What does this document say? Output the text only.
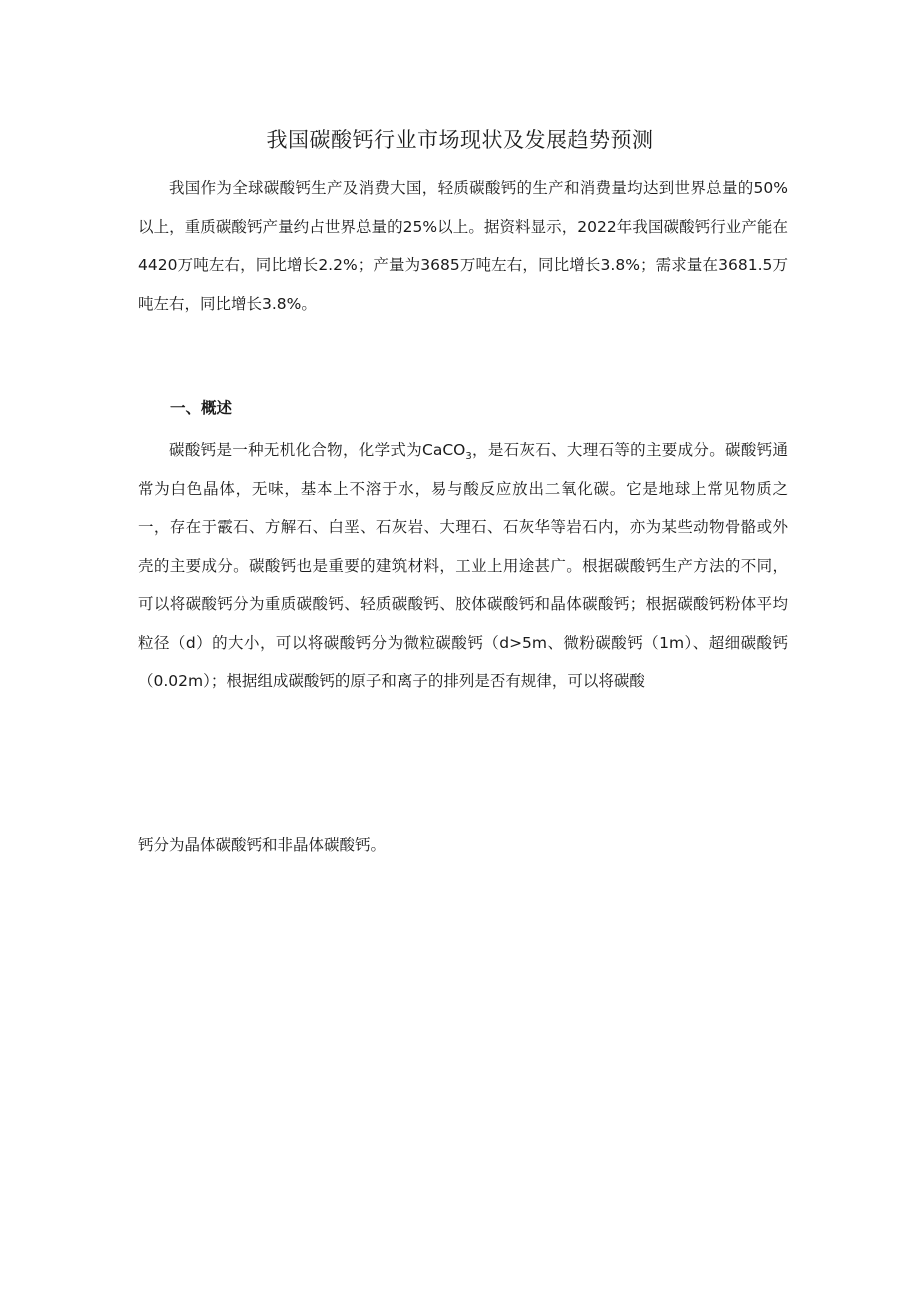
我国碳酸钙行业市场现状及发展趋势预测

我国作为全球碳酸钙生产及消费大国，轻质碳酸钙的生产和消费量均达到世界总量的50%以上，重质碳酸钙产量约占世界总量的25%以上。据资料显示，2022年我国碳酸钙行业产能在4420万吨左右，同比增长2.2%；产量为3685万吨左右，同比增长3.8%；需求量在3681.5万吨左右，同比增长3.8%。

一、概述

碳酸钙是一种无机化合物，化学式为CaCO$_3$，是石灰石、大理石等的主要成分。碳酸钙通常为白色晶体，无味，基本上不溶于水，易与酸反应放出二氧化碳。它是地球上常见物质之一，存在于霰石、方解石、白垩、石灰岩、大理石、石灰华等岩石内，亦为某些动物骨骼或外壳的主要成分。碳酸钙也是重要的建筑材料，工业上用途甚广。根据碳酸钙生产方法的不同，可以将碳酸钙分为重质碳酸钙、轻质碳酸钙、胶体碳酸钙和晶体碳酸钙；根据碳酸钙粉体平均粒径（d）的大小，可以将碳酸钙分为微粒碳酸钙（d>5m、微粉碳酸钙（1m）、超细碳酸钙（0.02m）；根据组成碳酸钙的原子和离子的排列是否有规律，可以将碳酸

钙分为晶体碳酸钙和非晶体碳酸钙。
